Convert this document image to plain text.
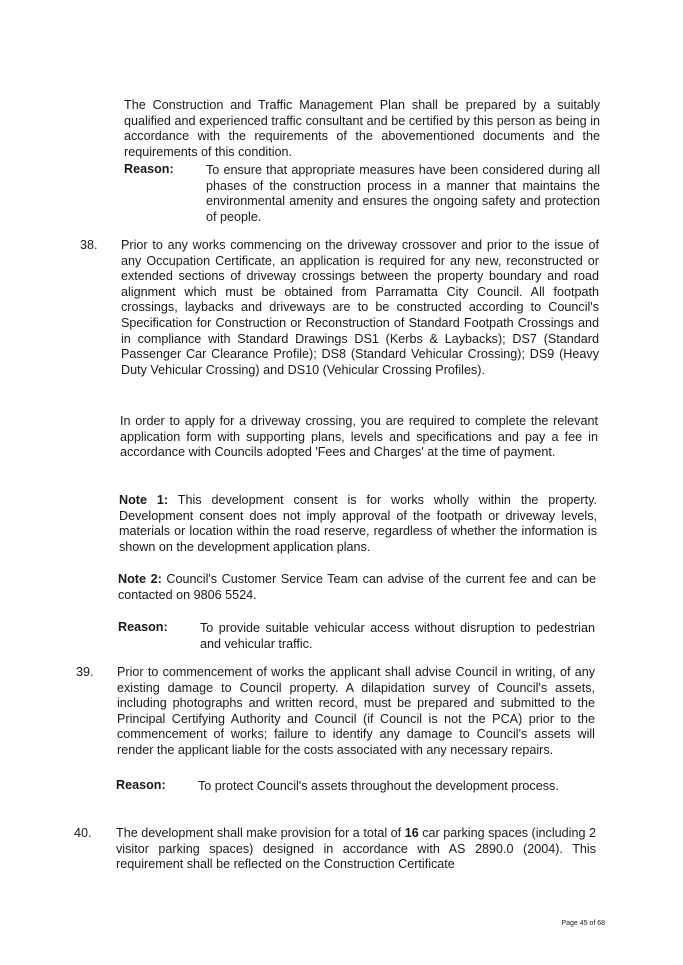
The Construction and Traffic Management Plan shall be prepared by a suitably qualified and experienced traffic consultant and be certified by this person as being in accordance with the requirements of the abovementioned documents and the requirements of this condition.

Reason:	To ensure that appropriate measures have been considered during all phases of the construction process in a manner that maintains the environmental amenity and ensures the ongoing safety and protection of people.
38. Prior to any works commencing on the driveway crossover and prior to the issue of any Occupation Certificate, an application is required for any new, reconstructed or extended sections of driveway crossings between the property boundary and road alignment which must be obtained from Parramatta City Council. All footpath crossings, laybacks and driveways are to be constructed according to Council's Specification for Construction or Reconstruction of Standard Footpath Crossings and in compliance with Standard Drawings DS1 (Kerbs & Laybacks); DS7 (Standard Passenger Car Clearance Profile); DS8 (Standard Vehicular Crossing); DS9 (Heavy Duty Vehicular Crossing) and DS10 (Vehicular Crossing Profiles).

In order to apply for a driveway crossing, you are required to complete the relevant application form with supporting plans, levels and specifications and pay a fee in accordance with Councils adopted 'Fees and Charges' at the time of payment.

Note 1: This development consent is for works wholly within the property. Development consent does not imply approval of the footpath or driveway levels, materials or location within the road reserve, regardless of whether the information is shown on the development application plans.

Note 2: Council's Customer Service Team can advise of the current fee and can be contacted on 9806 5524.

Reason:	To provide suitable vehicular access without disruption to pedestrian and vehicular traffic.
39. Prior to commencement of works the applicant shall advise Council in writing, of any existing damage to Council property. A dilapidation survey of Council's assets, including photographs and written record, must be prepared and submitted to the Principal Certifying Authority and Council (if Council is not the PCA) prior to the commencement of works; failure to identify any damage to Council's assets will render the applicant liable for the costs associated with any necessary repairs.

Reason:	To protect Council's assets throughout the development process.
40. The development shall make provision for a total of 16 car parking spaces (including 2 visitor parking spaces) designed in accordance with AS 2890.0 (2004). This requirement shall be reflected on the Construction Certificate

Page 45 of 68
